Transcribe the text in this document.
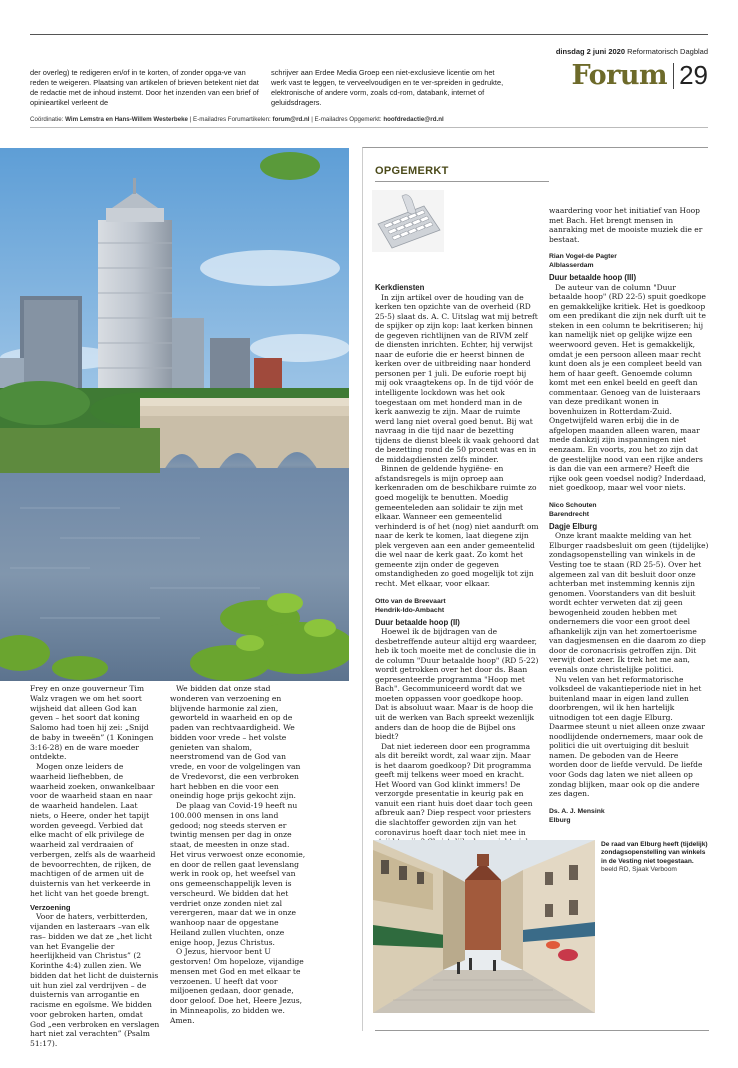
dinsdag 2 juni 2020 Reformatorisch Dagblad
Forum 29
der overleg) te redigeren en/of in te korten, of zonder opga-ve van reden te weigeren. Plaatsing van artikelen of brieven betekent niet dat de redactie met de inhoud instemt. Door het inzenden van een brief of opinieartikel verleent de
schrijver aan Erdee Media Groep een niet-exclusieve licentie om het werk vast te leggen, te verveelvoudigen en te ver-spreiden in gedrukte, elektronische of andere vorm, zoals cd-rom, databank, internet of geluidsdragers.
Coördinatie: Wim Lemstra en Hans-Willem Westerbeke | E-mailadres Forumartikelen: forum@rd.nl | E-mailadres Opgemerkt: hoofdredactie@rd.nl

Frey en onze gouverneur Tim Walz vragen we om het soort wijsheid dat alleen God kan geven – het soort dat koning Salomo had toen hij zei: „Snijd de baby in tweeën” (1 Koningen 3:16-28) en de ware moeder ontdekte.

Mogen onze leiders de waarheid liefhebben, de waarheid zoeken, onwankelbaar voor de waarheid staan en naar de waarheid handelen. Laat niets, o Heere, onder het tapijt worden geveegd. Verbied dat elke macht of elk privilege de waarheid zal verdraaien of verbergen, zelfs als de waarheid de bevoorrechten, de rijken, de machtigen of de armen uit de duisternis van het verkeerde in het licht van het goede brengt.

Verzoening

Voor de haters, verbitterden, vijanden en lasteraars –van elk ras– bidden we dat ze „het licht van het Evangelie der heerlijkheid van Christus” (2 Korinthe 4:4) zullen zien. We bidden dat het licht de duisternis uit hun ziel zal verdrijven – de duisternis van arrogantie en racisme en egoïsme. We bidden voor gebroken harten, omdat God „een verbroken en verslagen hart niet zal verachten” (Psalm 51:17).

We bidden dat onze stad wonderen van verzoening en blijvende harmonie zal zien, geworteld in waarheid en op de paden van rechtvaardigheid. We bidden voor vrede – het volste genieten van shalom, neerstromend van de God van vrede, en voor de volgelingen van de Vredevorst, die een verbroken hart hebben en die voor een oneindig hoge prijs gekocht zijn.

De plaag van Covid-19 heeft nu 100.000 mensen in ons land gedood; nog steeds sterven er twintig mensen per dag in onze staat, de meesten in onze stad. Het virus verwoest onze economie, en door de rellen gaat levenslang werk in rook op, het weefsel van ons gemeenschappelijk leven is verscheurd. We bidden dat het verdriet onze zonden niet zal verergeren, maar dat we in onze wanhoop naar de opgestane Heiland zullen vluchten, onze enige hoop, Jezus Christus.

O Jezus, hiervoor bent U gestorven! Om hopeloze, vijandige mensen met God en met elkaar te verzoenen. U heeft dat voor miljoenen gedaan, door genade, door geloof. Doe het, Heere Jezus, in Minneapolis, zo bidden we. Amen.

OPGEMERKT
Kerkdiensten

In zijn artikel over de houding van de kerken ten opzichte van de overheid (RD 25-5) slaat ds. A. C. Uitslag wat mij betreft de spijker op zijn kop: laat kerken binnen de gegeven richtlijnen van de RIVM zelf de diensten inrichten. Echter, hij verwijst naar de euforie die er heerst binnen de kerken over de uitbreiding naar honderd personen per 1 juli. De euforie roept bij mij ook vraagtekens op. In de tijd vóór de intelligente lockdown was het ook toegestaan om met honderd man in de kerk aanwezig te zijn. Maar de ruimte werd lang niet overal goed benut. Bij wat navraag in die tijd naar de bezetting tijdens de dienst bleek ik vaak gehoord dat de bezetting rond de 50 procent was en in de middagdiensten zelfs minder.

Binnen de geldende hygiëne- en afstandsregels is mijn oproep aan kerkenraden om de beschikbare ruimte zo goed mogelijk te benutten. Moedig gemeenteleden aan solidair te zijn met elkaar. Wanneer een gemeentelid verhinderd is of het (nog) niet aandurft om naar de kerk te komen, laat diegene zijn plek vergeven aan een ander gemeentelid die wel naar de kerk gaat. Zo komt het gemeente zijn onder de gegeven omstandigheden zo goed mogelijk tot zijn recht. Met elkaar, voor elkaar.

Otto van de Breevaart
Hendrik-Ido-Ambacht
Duur betaalde hoop (II)

Hoewel ik de bijdragen van de desbetreffende auteur altijd erg waardeer, heb ik toch moeite met de conclusie die in de column "Duur betaalde hoop" (RD 5-22) wordt getrokken over het door ds. Baan gepresenteerde programma "Hoop met Bach". Gecommuniceerd wordt dat we moeten oppassen voor goedkope hoop. Dat is absoluut waar. Maar is de hoop die uit de werken van Bach spreekt wezenlijk anders dan de hoop die de Bijbel ons biedt?

Dat niet iedereen door een programma als dit bereikt wordt, zal waar zijn. Maar is het daarom goedkoop? Dit programma geeft mij telkens weer moed en kracht. Het Woord van God klinkt immers! De verzorgde presentatie in keurig pak en vanuit een riant huis doet daar toch geen afbreuk aan? Diep respect voor priesters die slachtoffer geworden zijn van het coronavirus hoeft daar toch niet mee in

waardering voor het initiatief van Hoop met Bach. Het brengt mensen in aanraking met de mooiste muziek die er bestaat.

Rian Vogel-de Pagter
Alblasserdam
Duur betaalde hoop (III)

De auteur van de column "Duur betaalde hoop" (RD 22-5) spuit goedkope en gemakkelijke kritiek. Het is goedkoop om een predikant die zijn nek durft uit te steken in een column te bekritiseren; hij kan namelijk niet op gelijke wijze een weerwoord geven. Het is gemakkelijk, omdat je een persoon alleen maar recht kunt doen als je een compleet beeld van hem of haar geeft. Genoemde column komt met een enkel beeld en geeft dan commentaar. Genoeg van de luisteraars van deze predikant wonen in bovenhuizen in Rotterdam-Zuid. Ongetwijfeld waren erbij die in de afgelopen maanden alleen waren, maar mede dankzij zijn inspanningen niet eenzaam. En voorts, zou het zo zijn dat de geestelijke nood van een rijke anders is dan die van een armere? Heeft die rijke ook geen voedsel nodig? Inderdaad, niet goedkoop, maar wel voor niets.

Nico Schouten
Barendrecht
Dagje Elburg

Onze krant maakte melding van het Elburger raadsbesluit om geen (tijdelijke) zondagsopenstelling van winkels in de Vesting toe te staan (RD 25-5). Over het algemeen zal van dit besluit door onze achterban met instemming kennis zijn genomen. Voorstanders van dit besluit wordt echter verweten dat zij geen bewogenheid zouden hebben met ondernemers die voor een groot deel afhankelijk zijn van het zomertoerisme van dagjesmensen en die daarom zo diep door de coronacrisis getroffen zijn. Dit verwijt doet zeer. Ik trek het me aan, evenals onze christelijke politici.

Nu velen van het reformatorische volksdeel de vakantieperiode niet in het buitenland maar in eigen land zullen doorbrengen, wil ik hen hartelijk uitnodigen tot een dagje Elburg. Daarmee steunt u niet alleen onze zwaar noodlijdende ondernemers, maar ook de politici die uit overtuiging dit besluit namen. De geboden van de Heere worden door de liefde vervuld. De liefde voor Gods dag laten we niet alleen op zondag blijken, maar ook op die andere zes dagen.

Ds. A. J. Mensink
Elburg
De raad van Elburg heeft (tijdelijk) zondagsopenstelling van winkels in de Vesting niet toegestaan. beeld RD, Sjaak Verboom
